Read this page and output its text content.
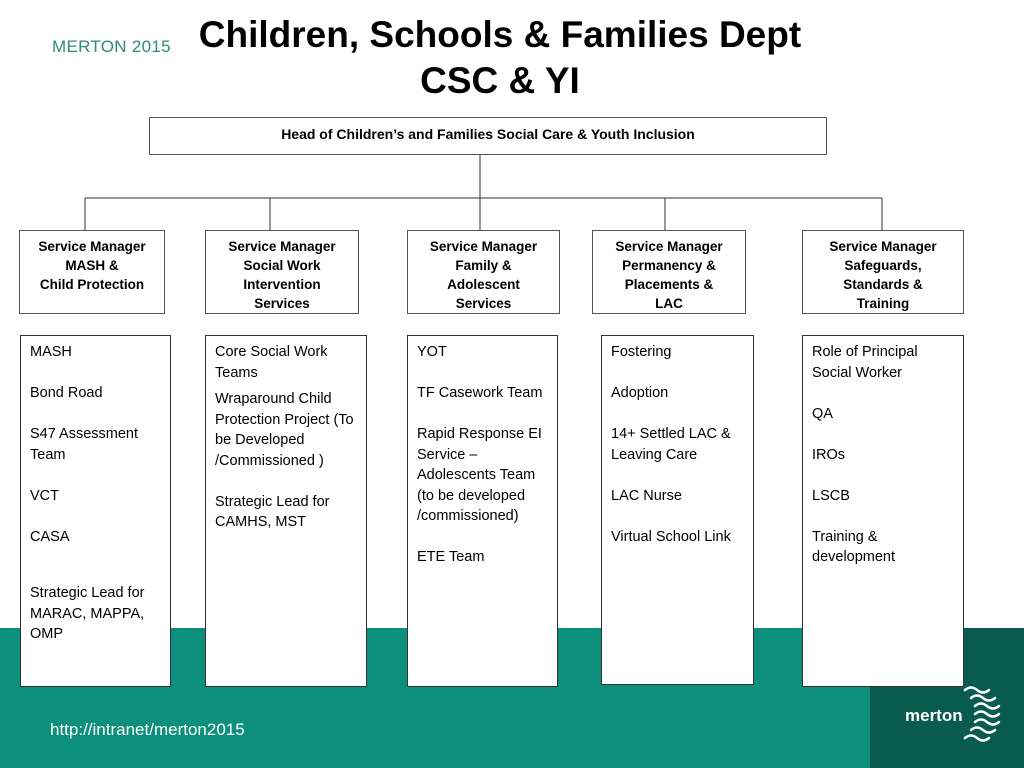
MERTON 2015 Children, Schools & Families Dept
CSC & YI
Head of Children’s and Families Social Care & Youth Inclusion
Service Manager
MASH &
Child Protection
Service Manager
Social Work
Intervention
Services
Service Manager
Family &
Adolescent
Services
Service Manager
Permanency &
Placements &
LAC
Service Manager
Safeguards,
Standards &
Training
MASH
Bond Road
S47 Assessment Team
VCT
CASA
Strategic Lead for MARAC, MAPPA, OMP
Core Social Work Teams
Wraparound Child Protection Project (To be Developed /Commissioned )
Strategic Lead for CAMHS, MST
YOT
TF Casework Team
Rapid Response EI Service – Adolescents Team (to be developed /commissioned)
ETE Team
Fostering
Adoption
14+ Settled LAC & Leaving Care
LAC Nurse
Virtual School Link
Role of Principal Social Worker
QA
IROs
LSCB
Training & development
http://intranet/merton2015
merton
